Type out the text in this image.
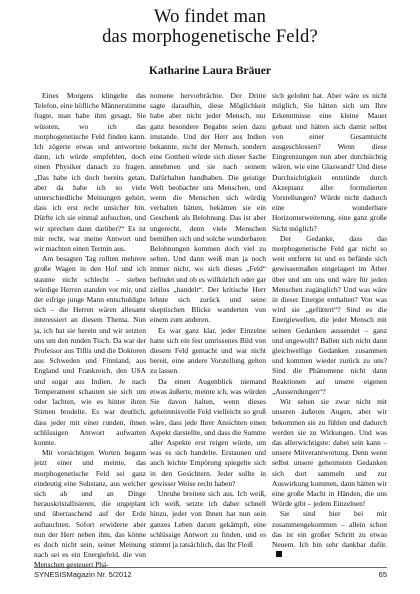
Wo findet man
das morphogenetische Feld?
Katharine Laura Bräuer

Eines Morgens klingelte das Telefon, eine höfliche Männerstimme fragte, man habe ihm gesagt, Sie wüssten, wo ich das morphogenetische Feld finden kann. Ich zögerte etwas und antwortete dann, ich würde empfehlen, doch einen Physiker danach zu fragen. „Das habe ich doch bereits getan, aber da habe ich so viele unterschiedliche Meinungen gehört, dass ich erst recht unsicher bin. Dürfte ich sie einmal aufsuchen, und wir sprechen dann darüber?“ Es ist mir recht, war meine Antwort und wir machten einen Termin aus.

Am besagten Tag rollten mehrere große Wagen in den Hof und ich staunte nicht schlecht – sieben würdige Herren standen vor mir, und der eifrige junge Mann entschuldigte sich – die Herren wären allesamt interessiert an diesem Thema. Nun ja, ich bat sie herein und wir setzten uns um den runden Tisch. Da war der Professor aus Tiflis und die Doktoren aus Schweden und Finnland, aus England und Frankreich, den USA und sogar aus Indien. Je nach Temperament schauten sie sich um oder lachten, wie es hinter ihren Stirnen brodelte. Es war deutlich, dass jeder mit einer runden, ihnen schlüssigen Antwort aufwarten konnte.

Mit vorsichtigen Worten begann jetzt einer und meinte, das morphogenetische Feld sei ganz eindeutig eine Substanz, aus welcher sich ab und an Dinge herauskristallisieren, die ungeplant und überraschend auf der Erde auftauchten. Sofort erwiderte aber nun der Herr neben ihm, das könne es doch nicht sein, seiner Meinung nach sei es ein Energiefeld, die von Menschen gesteuert Phä-

nomene hervorbrächte. Der Dritte sagte daraufhin, diese Möglichkeit habe aber nicht jeder Mensch, nur ganz besondere Begabte seien dazu imstande. Und der Herr aus Indien bekannte, nicht der Mensch, sondern eine Gottheit würde sich dieser Sache annehmen und sie nach seinem Dafürhalten handhaben. Die geistige Welt beobachte uns Menschen, und wenn die Menschen sich würdig verhalten hätten, bekämen sie ein Geschenk als Belohnung. Das ist aber ungerecht, denn viele Menschen bemühen sich und solche wunderbaren Belohnungen kommen doch viel zu selten. Und dann weiß man ja noch immer nicht, wo sich dieses „Feld“ befindet und ob es willkürlich oder gar ziellos „handelt“. Der kritische Herr lehnte sich zurück und seine skeptischen Blicke wanderten von einem zum anderen.

Es war ganz klar, jeder Einzelne hatte sich ein fest umrissenes Bild von diesem Feld gemacht und war nicht bereit, eine andere Vorstellung gelten zu lassen.

Da einen Augenblick niemand etwas äußerte, meinte ich, was würden Sie davon halten, wenn dieses geheimnisvolle Feld vielleicht so groß wäre, dass jede Ihrer Ansichten einen Aspekt darstellte, und dass die Summe aller Aspekte erst reigen würde, um was es sich handelte. Erstaunen und auch leichte Empörung spiegelte sich in den Gesichtern. Jeder sollte in gewisser Weise recht haben?

Unruhe breitete sich aus. Ich weiß, ich weiß, setzte ich daher schnell hinzu, jeder von Ihnen hat nun sein ganzes Leben darum gekämpft, eine schlüssige Antwort zu finden, und es stimmt ja tatsächlich, das Ihr Fleiß

sich gelohnt hat. Aber wäre es nicht möglich, Sie hätten sich um Ihre Erkenntnisse eine kleine Mauer gebaut und hätten sich damit selbst von einer Gesamtsicht ausgeschlossen? Wenn diese Eingrenzungen nun aber durchsichtig wären, wie eine Glaswand? Und diese Durchsichtigkeit entstünde durch Akzeptanz aller formulierten Vorstellungen? Würde nicht dadurch eine wunderbare Horizonterweiterung, eine ganz große Sicht möglich?

Der Gedanke, dass das morphogenetische Feld gar nicht so weit entfernt ist und es befände sich gewissermaßen eingelagert im Äther über und um uns und wäre für jeden Menschen zugänglich? Und was wäre in dieser Energie enthalten? Von was wird sie „gefüttert“? Sind es die Energiewellen, die jeder Mensch mit seinen Gedanken aussendet – ganz und ungewollt? Ballen sich nicht dann gleichwellige Gedanken zusammen und kommen wieder zurück zu uns? Sind die Phänomene nicht dann Reaktionen auf unsere eigenen „Aussendungen“?

Wir sehen sie zwar nicht mit unseren äußeren Augen, aber wir bekommen sie zu fühlen und dadurch werden sie zu Wirkungen. Und was das allerwichtigste: dabei sein kann – unsere Mitverantwortung. Denn wenn selbst unsere geheimsten Gedanken sich dort sammeln und zur Auswirkung kommen, dann hätten wir eine große Macht in Händen, die uns Würde gibt – jedem Einzelnen!

Sie sind hier bei mir zusammengekommen – allein schon das ist ein großer Schritt zu etwas Neuem. Ich bin sehr dankbar dafür.

SYNESISMagazin Nr. 5/2012	65
